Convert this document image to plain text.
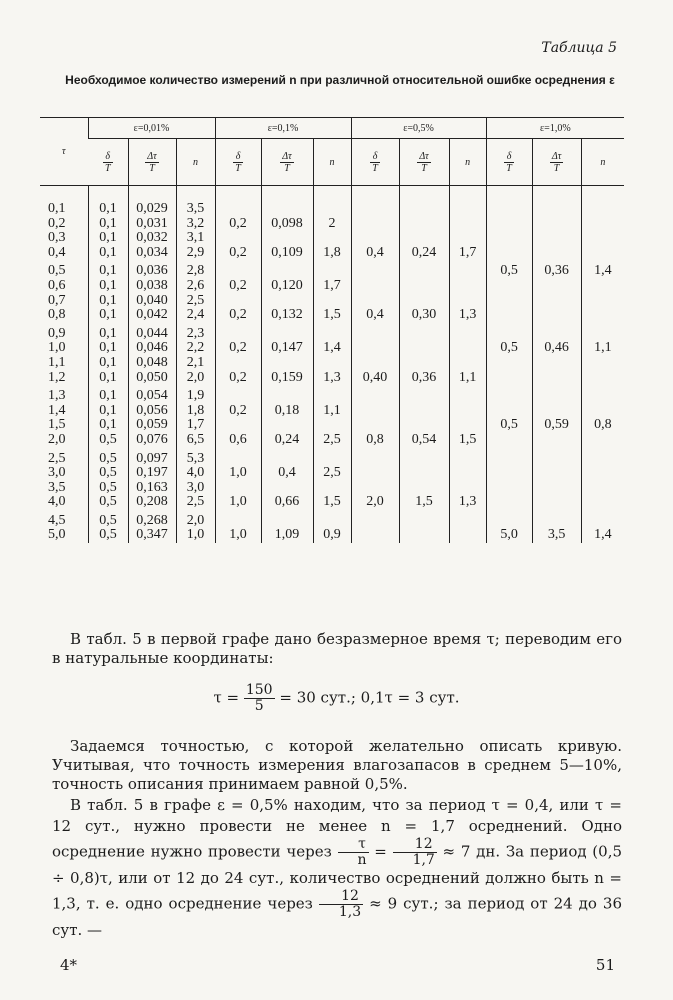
Таблица 5
Необходимое количество измерений n при различной относительной ошибке осреднения ε
τ	ε=0,01%			ε=0,1%			ε=0,5%			ε=1,0%		

	$\frac{\delta}{T}$	$\frac{\Delta\tau}{T}$	n	$\frac{\delta}{T}$	$\frac{\Delta\tau}{T}$	n	$\frac{\delta}{T}$	$\frac{\Delta\tau}{T}$	n	$\frac{\delta}{T}$	$\frac{\Delta\tau}{T}$	n

0,1	0,1	0,029	3,5									
0,2	0,1	0,031	3,2	0,2	0,098	2						
0,3	0,1	0,032	3,1									
0,4	0,1	0,034	2,9	0,2	0,109	1,8	0,4	0,24	1,7			

0,5	0,1	0,036	2,8							0,5	0,36	1,4
0,6	0,1	0,038	2,6	0,2	0,120	1,7						
0,7	0,1	0,040	2,5									
0,8	0,1	0,042	2,4	0,2	0,132	1,5	0,4	0,30	1,3			

0,9	0,1	0,044	2,3									
1,0	0,1	0,046	2,2	0,2	0,147	1,4				0,5	0,46	1,1
1,1	0,1	0,048	2,1									
1,2	0,1	0,050	2,0	0,2	0,159	1,3	0,40	0,36	1,1			

1,3	0,1	0,054	1,9									
1,4	0,1	0,056	1,8	0,2	0,18	1,1						
1,5	0,1	0,059	1,7							0,5	0,59	0,8
2,0	0,5	0,076	6,5	0,6	0,24	2,5	0,8	0,54	1,5			

2,5	0,5	0,097	5,3									
3,0	0,5	0,197	4,0	1,0	0,4	2,5						
3,5	0,5	0,163	3,0									
4,0	0,5	0,208	2,5	1,0	0,66	1,5	2,0	1,5	1,3			

4,5	0,5	0,268	2,0									
5,0	0,5	0,347	1,0	1,0	1,09	0,9				5,0	3,5	1,4
В табл. 5 в первой графе дано безразмерное время τ; переводим его в натуральные координаты:
$\tau = \frac{150}{5} = 30$ сут.; 0,1τ = 3 сут.
Задаемся точностью, с которой желательно описать кривую. Учитывая, что точность измерения влагозапасов в среднем 5—10%, точность описания принимаем равной 0,5%.
В табл. 5 в графе ε = 0,5% находим, что за период τ = 0,4, или τ = 12 сут., нужно провести не менее n = 1,7 осреднений. Одно осреднение нужно провести через $\frac{\tau}{n} = \frac{12}{1,7} \approx 7$ дн. За период (0,5 ÷ 0,8)τ, или от 12 до 24 сут., количество осреднений должно быть n = 1,3, т. е. одно осреднение через $\frac{12}{1,3} \approx 9$ сут.; за период от 24 до 36 сут. —
4*	51
